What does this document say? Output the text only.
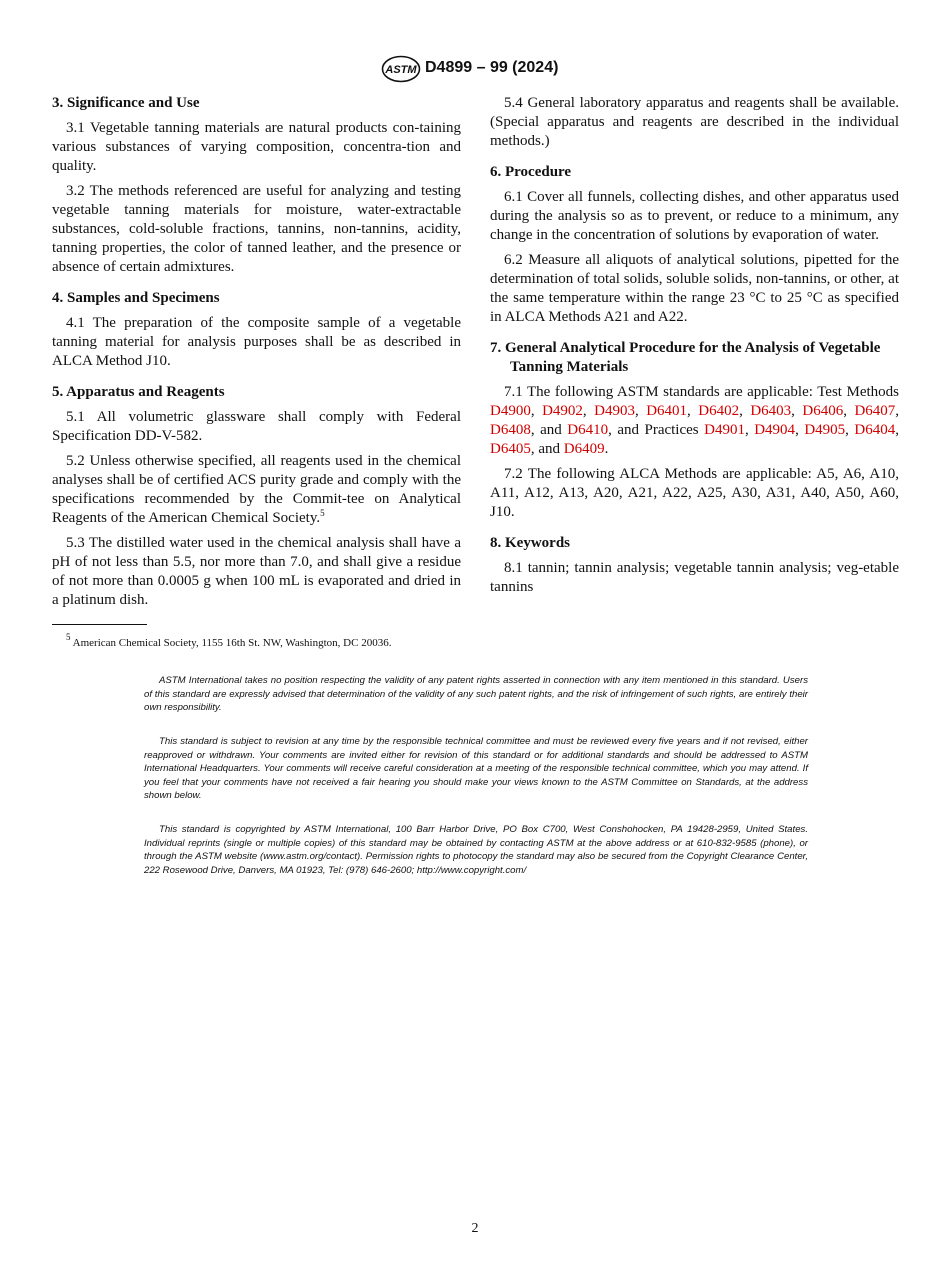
ASTM D4899 – 99 (2024)
3. Significance and Use

3.1 Vegetable tanning materials are natural products con-taining various substances of varying composition, concentra-tion and quality.

3.2 The methods referenced are useful for analyzing and testing vegetable tanning materials for moisture, water-extractable substances, cold-soluble fractions, tannins, non-tannins, acidity, tanning properties, the color of tanned leather, and the presence or absence of certain admixtures.

4. Samples and Specimens

4.1 The preparation of the composite sample of a vegetable tanning material for analysis purposes shall be as described in ALCA Method J10.

5. Apparatus and Reagents

5.1 All volumetric glassware shall comply with Federal Specification DD-V-582.

5.2 Unless otherwise specified, all reagents used in the chemical analyses shall be of certified ACS purity grade and comply with the specifications recommended by the Commit-tee on Analytical Reagents of the American Chemical Society.$^5$

5.3 The distilled water used in the chemical analysis shall have a pH of not less than 5.5, nor more than 7.0, and shall give a residue of not more than 0.0005 g when 100 mL is evaporated and dried in a platinum dish.

$^5$ American Chemical Society, 1155 16th St. NW, Washington, DC 20036.

5.4 General laboratory apparatus and reagents shall be available. (Special apparatus and reagents are described in the individual methods.)

6. Procedure

6.1 Cover all funnels, collecting dishes, and other apparatus used during the analysis so as to prevent, or reduce to a minimum, any change in the concentration of solutions by evaporation of water.

6.2 Measure all aliquots of analytical solutions, pipetted for the determination of total solids, soluble solids, non-tannins, or other, at the same temperature within the range 23 °C to 25 °C as specified in ALCA Methods A21 and A22.

7. General Analytical Procedure for the Analysis of Vegetable Tanning Materials

7.1 The following ASTM standards are applicable: Test Methods D4900, D4902, D4903, D6401, D6402, D6403, D6406, D6407, D6408, and D6410, and Practices D4901, D4904, D4905, D6404, D6405, and D6409.

7.2 The following ALCA Methods are applicable: A5, A6, A10, A11, A12, A13, A20, A21, A22, A25, A30, A31, A40, A50, A60, J10.

8. Keywords

8.1 tannin; tannin analysis; vegetable tannin analysis; veg-etable tannins

ASTM International takes no position respecting the validity of any patent rights asserted in connection with any item mentioned in this standard. Users of this standard are expressly advised that determination of the validity of any such patent rights, and the risk of infringement of such rights, are entirely their own responsibility.
This standard is subject to revision at any time by the responsible technical committee and must be reviewed every five years and if not revised, either reapproved or withdrawn. Your comments are invited either for revision of this standard or for additional standards and should be addressed to ASTM International Headquarters. Your comments will receive careful consideration at a meeting of the responsible technical committee, which you may attend. If you feel that your comments have not received a fair hearing you should make your views known to the ASTM Committee on Standards, at the address shown below.
This standard is copyrighted by ASTM International, 100 Barr Harbor Drive, PO Box C700, West Conshohocken, PA 19428-2959, United States. Individual reprints (single or multiple copies) of this standard may be obtained by contacting ASTM at the above address or at 610-832-9585 (phone), or through the ASTM website (www.astm.org/contact). Permission rights to photocopy the standard may also be secured from the Copyright Clearance Center, 222 Rosewood Drive, Danvers, MA 01923, Tel: (978) 646-2600; http://www.copyright.com/
2
